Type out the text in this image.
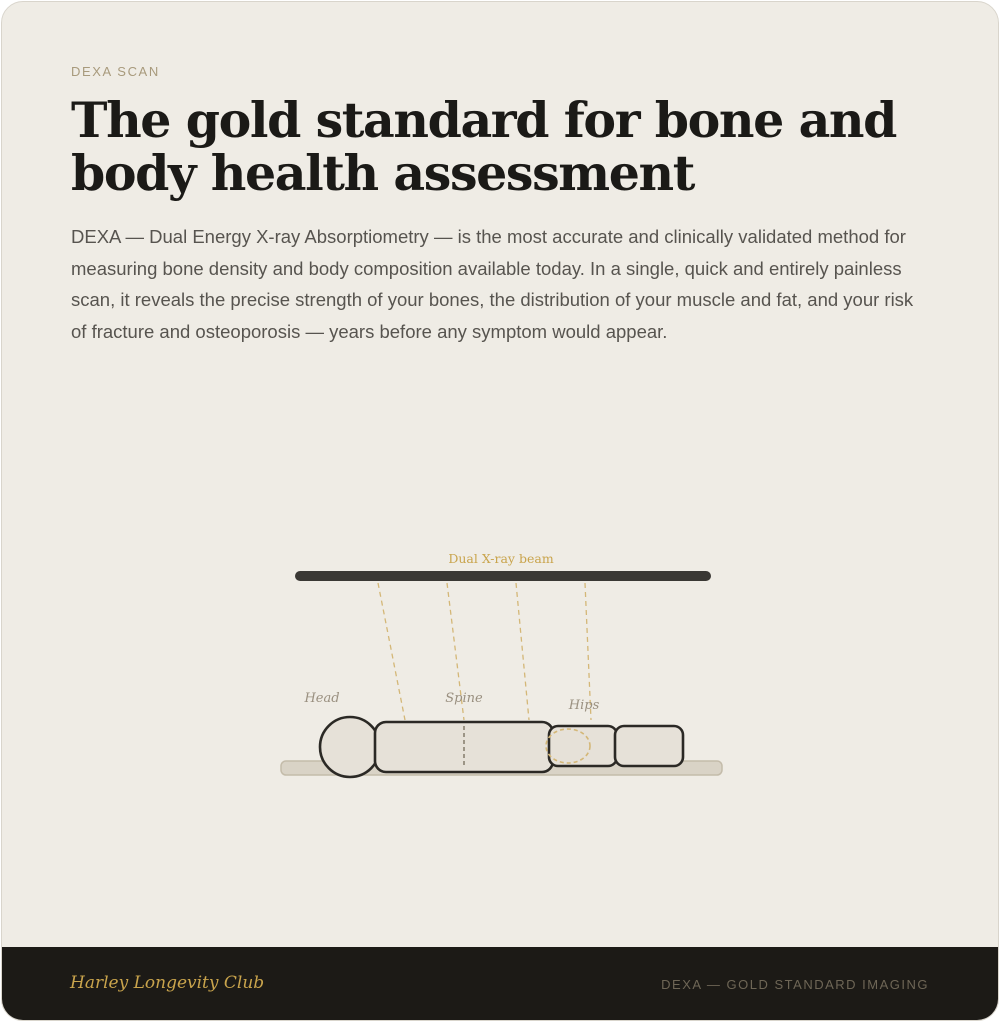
DEXA SCAN
The gold standard for bone and body health assessment

DEXA — Dual Energy X-ray Absorptiometry — is the most accurate and clinically validated method for measuring bone density and body composition available today. In a single, quick and entirely painless scan, it reveals the precise strength of your bones, the distribution of your muscle and fat, and your risk of fracture and osteoporosis — years before any symptom would appear.

Dual X-ray beam
Head	Spine	Hips
Harley Longevity Club	DEXA — GOLD STANDARD IMAGING
